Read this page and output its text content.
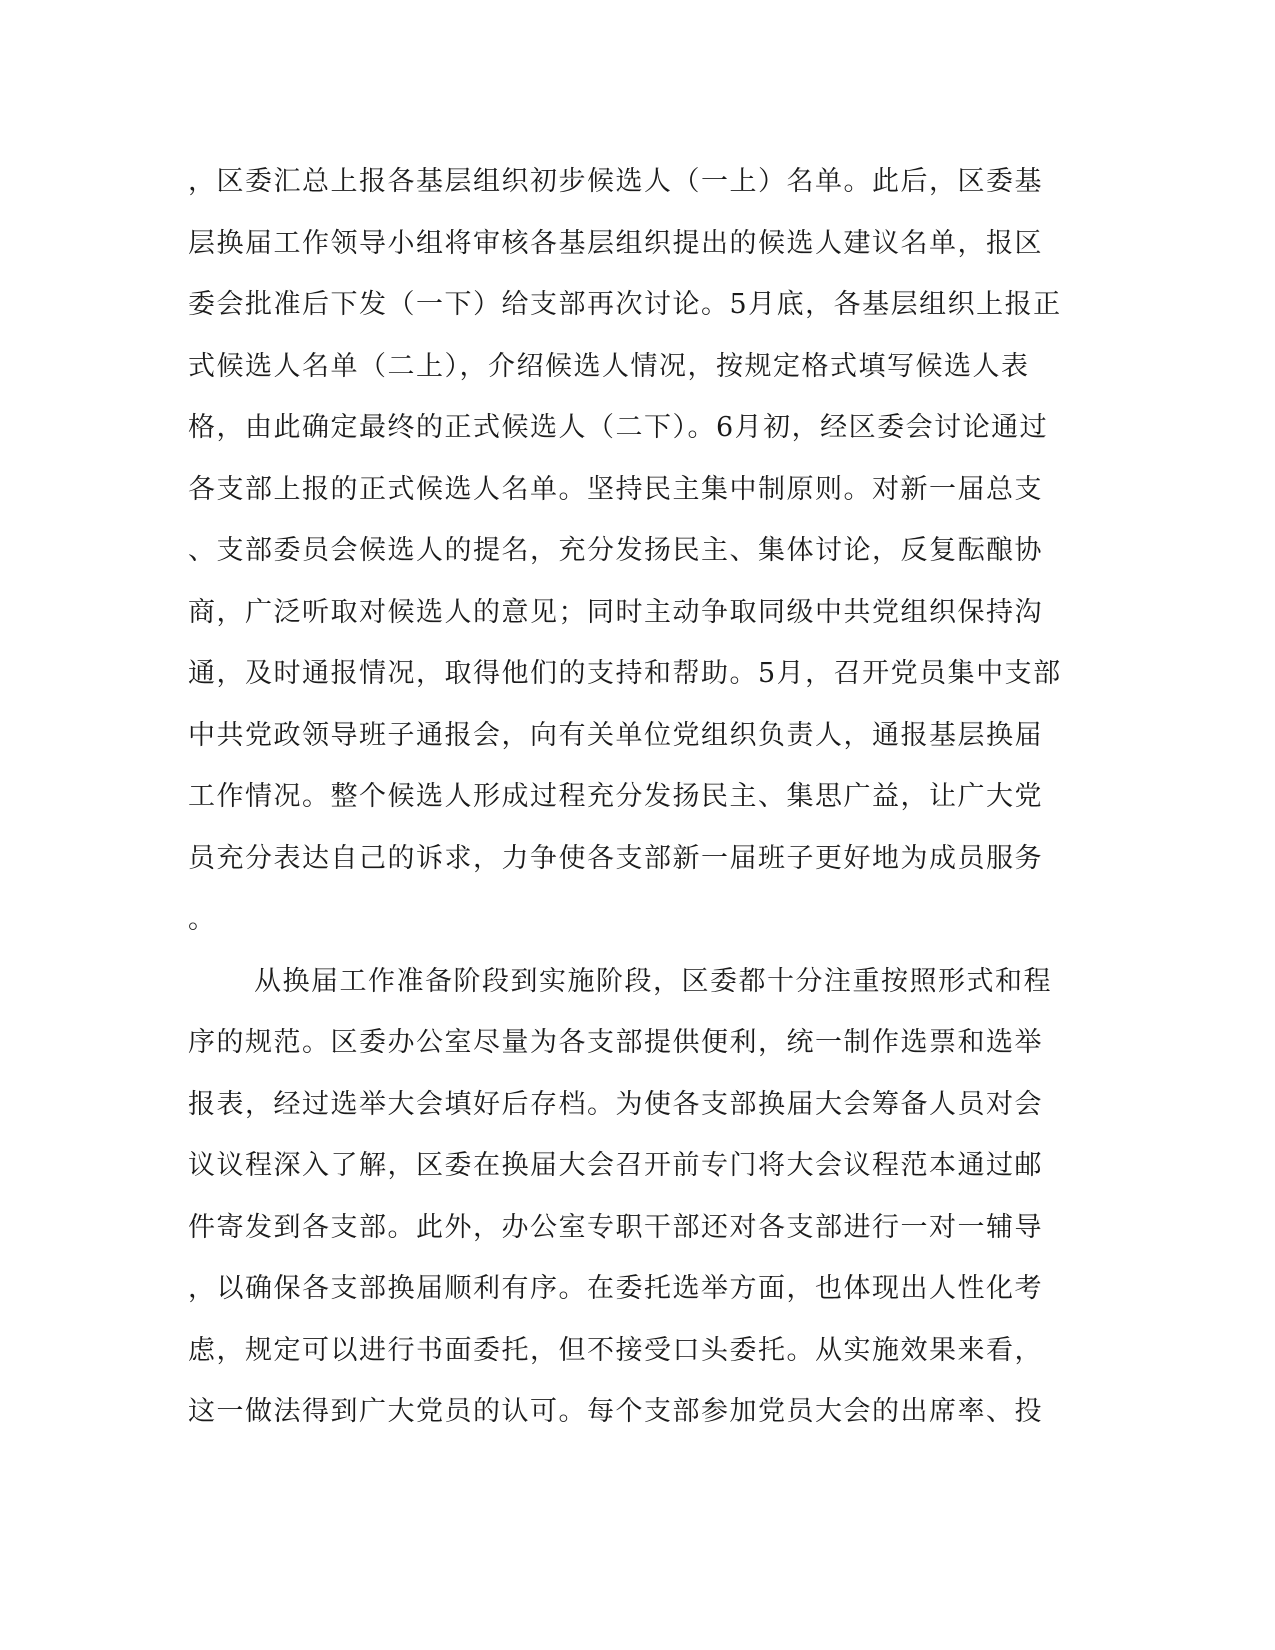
，区委汇总上报各基层组织初步候选人（一上）名单。此后，区委基
层换届工作领导小组将审核各基层组织提出的候选人建议名单，报区
委会批准后下发（一下）给支部再次讨论。5月底，各基层组织上报正
式候选人名单（二上），介绍候选人情况，按规定格式填写候选人表
格，由此确定最终的正式候选人（二下）。6月初，经区委会讨论通过
各支部上报的正式候选人名单。坚持民主集中制原则。对新一届总支
、支部委员会候选人的提名，充分发扬民主、集体讨论，反复酝酿协
商，广泛听取对候选人的意见；同时主动争取同级中共党组织保持沟
通，及时通报情况，取得他们的支持和帮助。5月，召开党员集中支部
中共党政领导班子通报会，向有关单位党组织负责人，通报基层换届
工作情况。整个候选人形成过程充分发扬民主、集思广益，让广大党
员充分表达自己的诉求，力争使各支部新一届班子更好地为成员服务
。
从换届工作准备阶段到实施阶段，区委都十分注重按照形式和程
序的规范。区委办公室尽量为各支部提供便利，统一制作选票和选举
报表，经过选举大会填好后存档。为使各支部换届大会筹备人员对会
议议程深入了解，区委在换届大会召开前专门将大会议程范本通过邮
件寄发到各支部。此外，办公室专职干部还对各支部进行一对一辅导
，以确保各支部换届顺利有序。在委托选举方面，也体现出人性化考
虑，规定可以进行书面委托，但不接受口头委托。从实施效果来看，
这一做法得到广大党员的认可。每个支部参加党员大会的出席率、投
